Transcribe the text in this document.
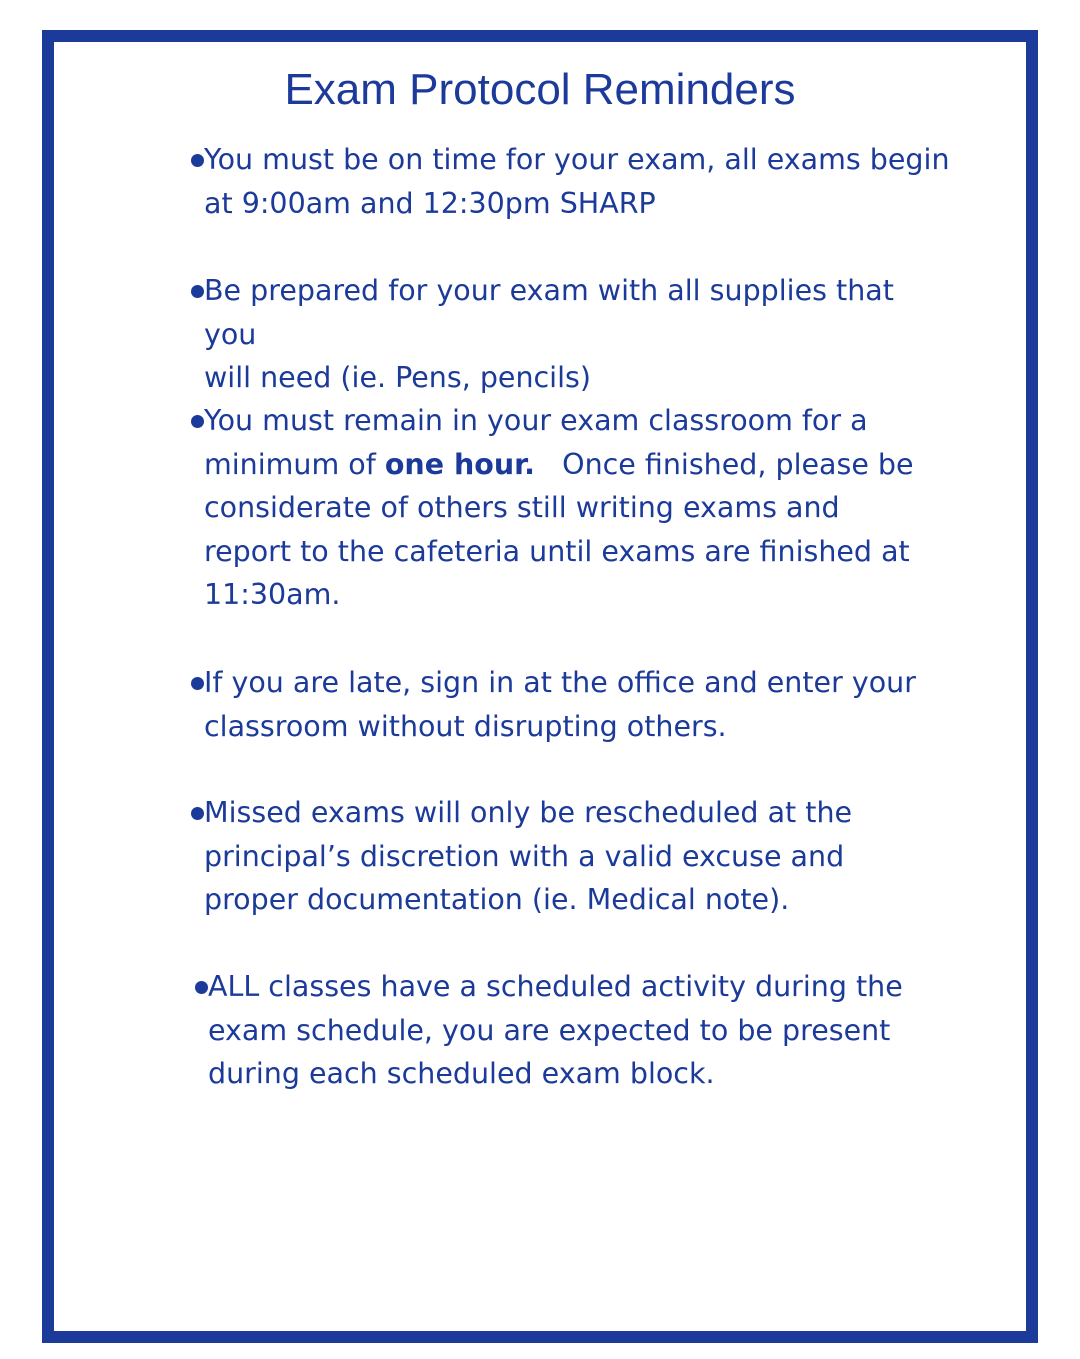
Exam Protocol Reminders
You must be on time for your exam, all exams begin
at 9:00am and 12:30pm SHARP
Be prepared for your exam with all supplies that you
will need (ie. Pens, pencils)
You must remain in your exam classroom for a
minimum of one hour.   Once finished, please be
considerate of others still writing exams and
report to the cafeteria until exams are finished at
11:30am.
If you are late, sign in at the office and enter your
classroom without disrupting others.
Missed exams will only be rescheduled at the
principal’s discretion with a valid excuse and
proper documentation (ie. Medical note).
ALL classes have a scheduled activity during the
exam schedule, you are expected to be present
during each scheduled exam block.
